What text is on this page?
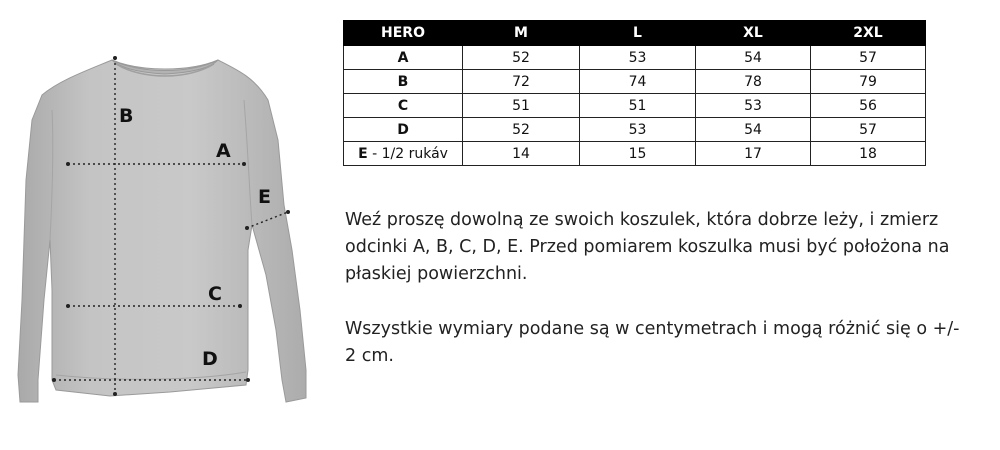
B
A
E
C
D
HERO	M	L	XL	2XL
A	52	53	54	57
B	72	74	78	79
C	51	51	53	56
D	52	53	54	57
E - 1/2 rukáv	14	15	17	18

Weź proszę dowolną ze swoich koszulek, która dobrze leży, i zmierz odcinki A, B, C, D, E. Przed pomiarem koszulka musi być położona na płaskiej powierzchni.

Wszystkie wymiary podane są w centymetrach i mogą różnić się o +/- 2 cm.
